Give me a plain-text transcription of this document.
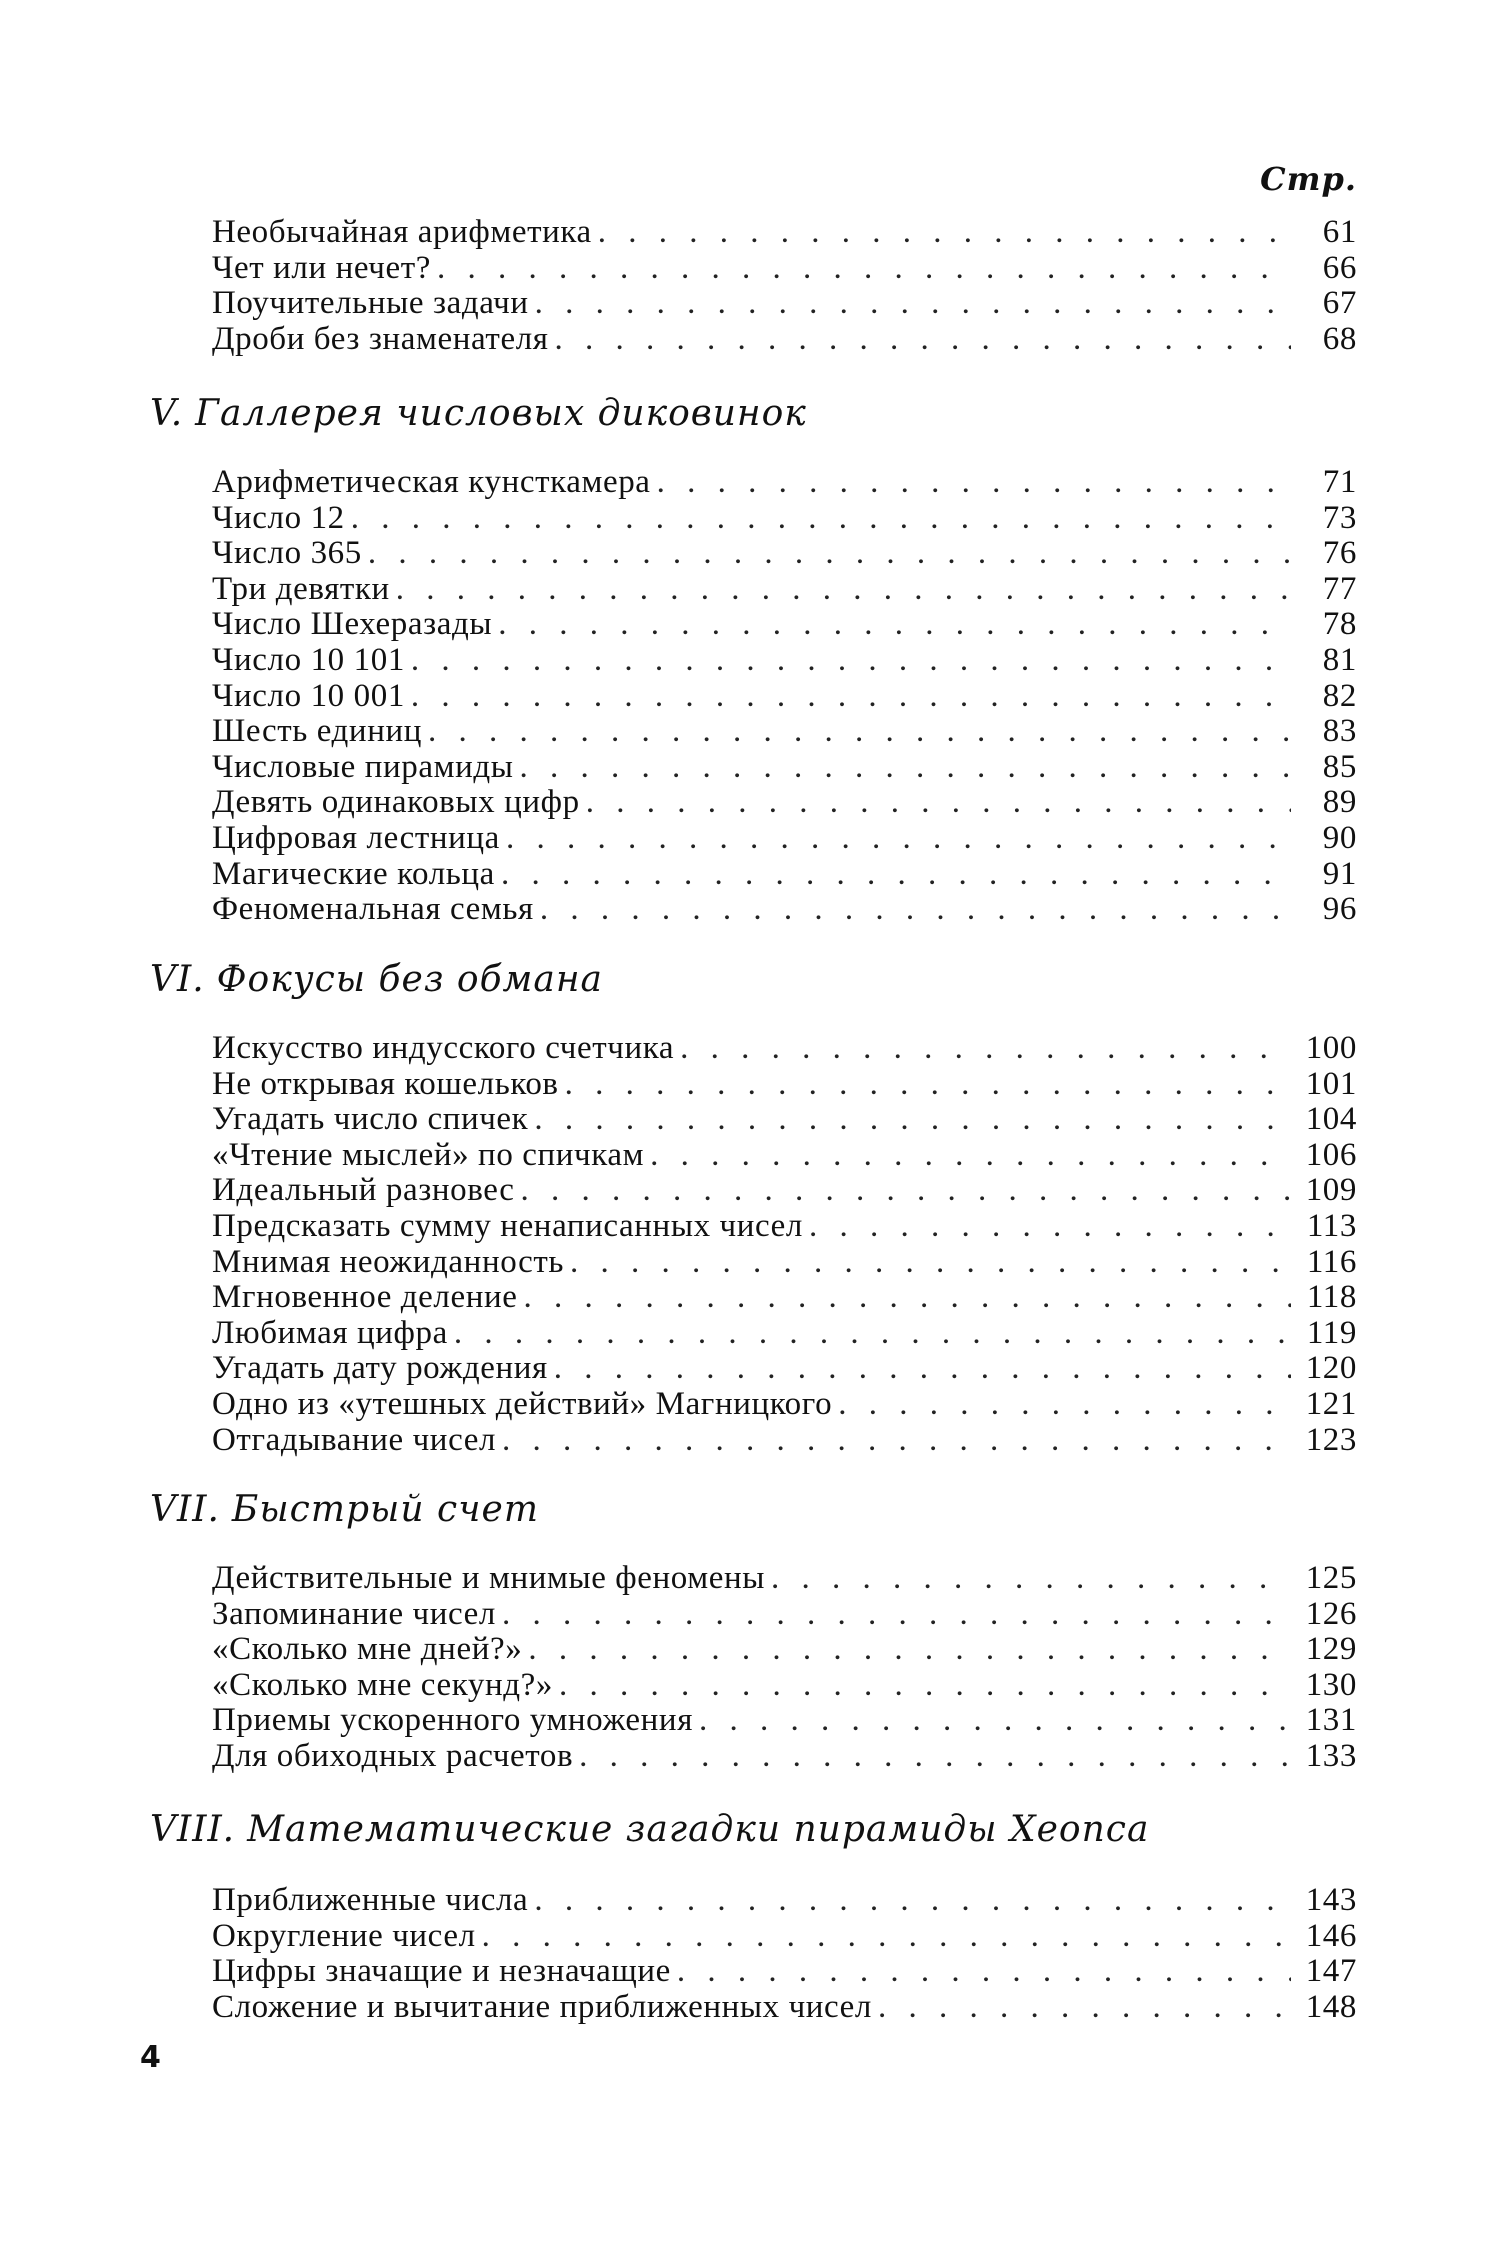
Стр.
Необычайная арифметика . . .	61
Чет или нечет? . . .	66
Поучительные задачи . . .	67
Дроби без знаменателя . . .	68
V. Галлерея числовых диковинок
Арифметическая кунсткамера . . .	71
Число 12 . . .	73
Число 365 . . .	76
Три девятки . . .	77
Число Шехеразады . . .	78
Число 10 101 . . .	81
Число 10 001 . . .	82
Шесть единиц . . .	83
Числовые пирамиды . . .	85
Девять одинаковых цифр . . .	89
Цифровая лестница . . .	90
Магические кольца . . .	91
Феноменальная семья . . .	96
VI. Фокусы без обмана
Искусство индусского счетчика . . .	100
Не открывая кошельков . . .	101
Угадать число спичек . . .	104
«Чтение мыслей» по спичкам . . .	106
Идеальный разновес . . .	109
Предсказать сумму ненаписанных чисел . . .	113
Мнимая неожиданность . . .	116
Мгновенное деление . . .	118
Любимая цифра . . .	119
Угадать дату рождения . . .	120
Одно из «утешных действий» Магницкого . . .	121
Отгадывание чисел . . .	123
VII. Быстрый счет
Действительные и мнимые феномены . . .	125
Запоминание чисел . . .	126
«Сколько мне дней?» . . .	129
«Сколько мне секунд?» . . .	130
Приемы ускоренного умножения . . .	131
Для обиходных расчетов . . .	133
VIII. Математические загадки пирамиды Хеопса
Приближенные числа . . .	143
Округление чисел . . .	146
Цифры значащие и незначащие . . .	147
Сложение и вычитание приближенных чисел . . .	148
4
